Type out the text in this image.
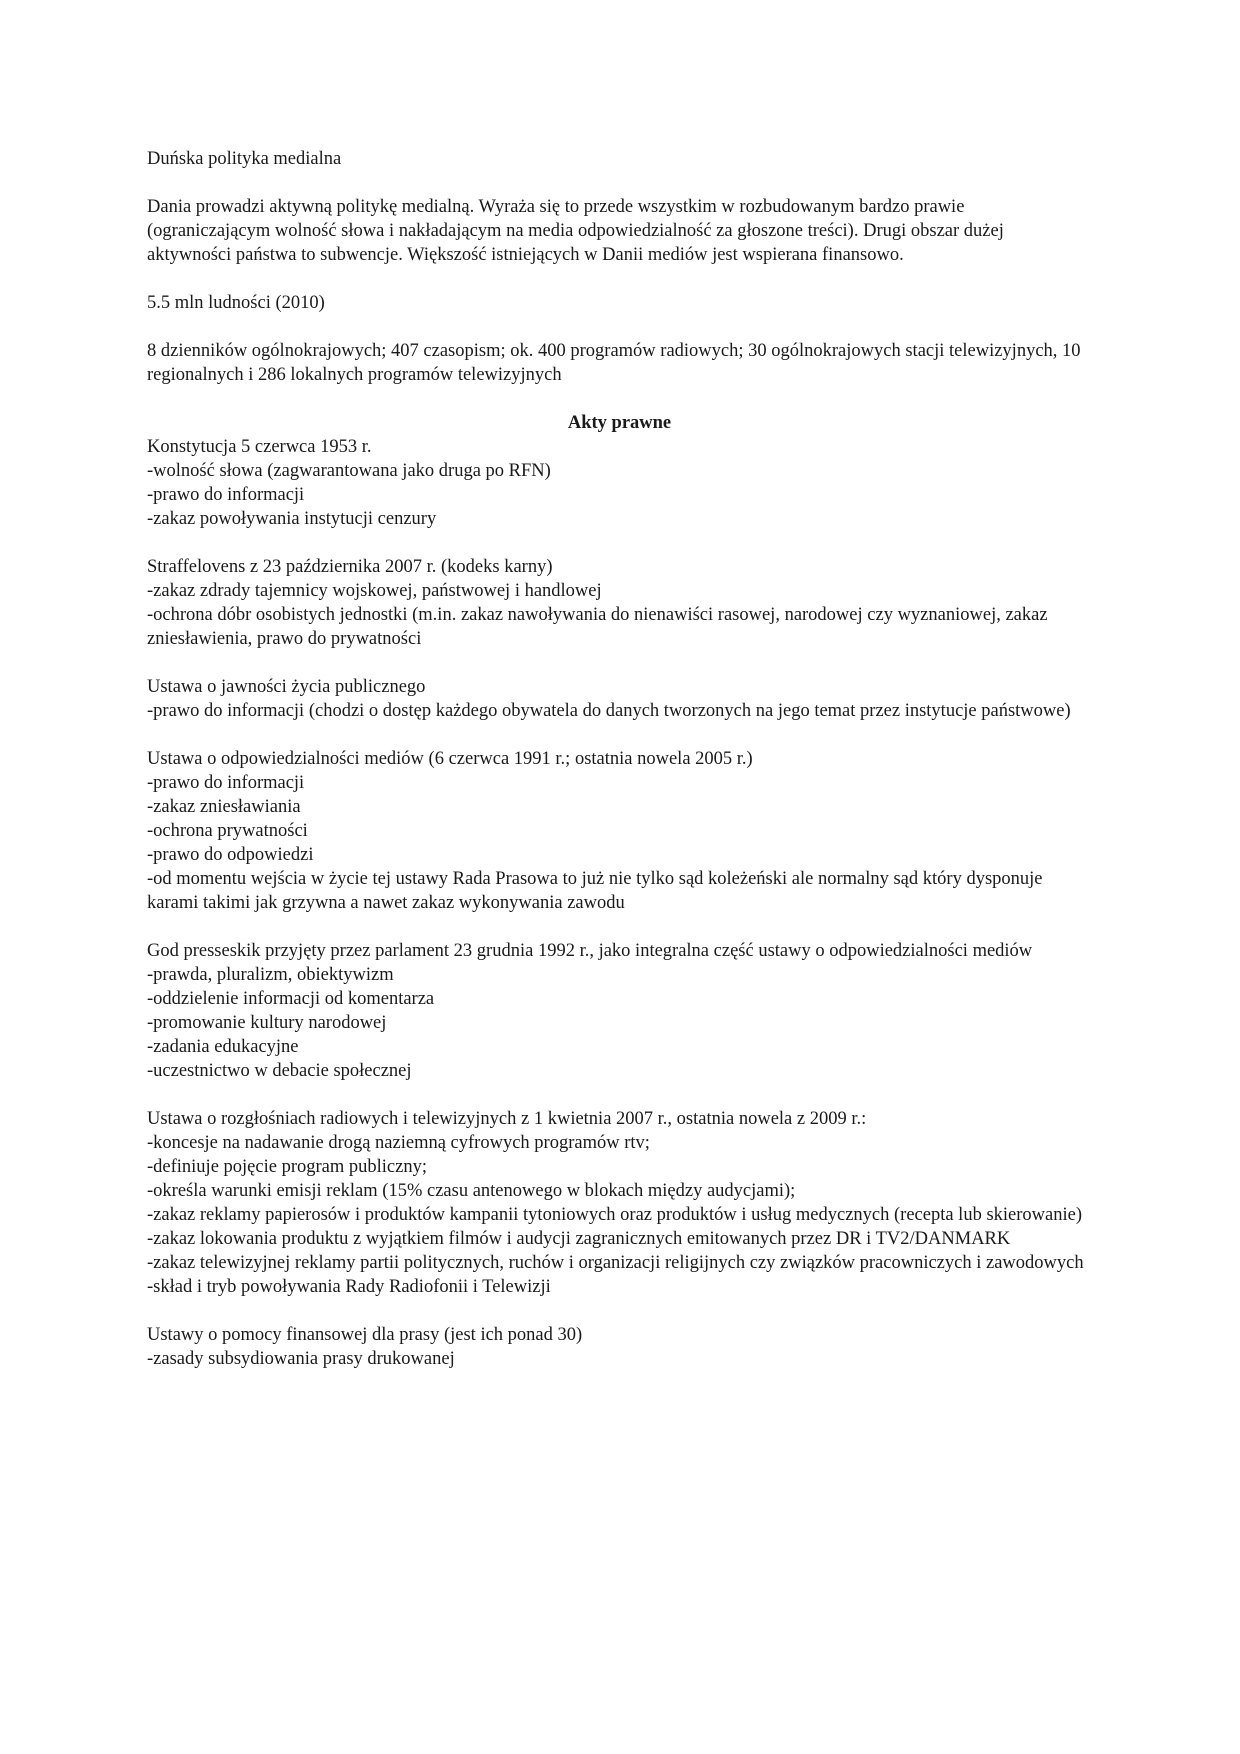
Duńska polityka medialna

Dania prowadzi aktywną politykę medialną. Wyraża się to przede wszystkim w rozbudowanym bardzo prawie (ograniczającym wolność słowa i nakładającym na media odpowiedzialność za głoszone treści). Drugi obszar dużej aktywności państwa to subwencje. Większość istniejących w Danii mediów jest wspierana finansowo.

5.5 mln ludności (2010)

8 dzienników ogólnokrajowych; 407 czasopism; ok. 400 programów radiowych; 30 ogólnokrajowych stacji telewizyjnych, 10 regionalnych i 286 lokalnych programów telewizyjnych

Akty prawne

Konstytucja 5 czerwca 1953 r.

-wolność słowa (zagwarantowana jako druga po RFN)

-prawo do informacji

-zakaz powoływania instytucji cenzury

Straffelovens z 23 października 2007 r. (kodeks karny)

-zakaz zdrady tajemnicy wojskowej, państwowej i handlowej

-ochrona dóbr osobistych jednostki (m.in. zakaz nawoływania do nienawiści rasowej, narodowej czy wyznaniowej, zakaz zniesławienia, prawo do prywatności

Ustawa o jawności życia publicznego

-prawo do informacji (chodzi o dostęp każdego obywatela do danych tworzonych na jego temat przez instytucje państwowe)

Ustawa o odpowiedzialności mediów (6 czerwca 1991 r.; ostatnia nowela 2005 r.)

-prawo do informacji

-zakaz zniesławiania

-ochrona prywatności

-prawo do odpowiedzi

-od momentu wejścia w życie tej ustawy Rada Prasowa to już nie tylko sąd koleżeński ale normalny sąd który dysponuje karami takimi jak grzywna a nawet zakaz wykonywania zawodu

God presseskik przyjęty przez parlament 23 grudnia 1992 r., jako integralna część ustawy o odpowiedzialności mediów

-prawda, pluralizm, obiektywizm

-oddzielenie informacji od komentarza

-promowanie kultury narodowej

-zadania edukacyjne

-uczestnictwo w debacie społecznej

Ustawa o rozgłośniach radiowych i telewizyjnych z 1 kwietnia 2007 r., ostatnia nowela z 2009 r.:

-koncesje na nadawanie drogą naziemną cyfrowych programów rtv;

-definiuje pojęcie program publiczny;

-określa warunki emisji reklam (15% czasu antenowego w blokach między audycjami);

-zakaz reklamy papierosów i produktów kampanii tytoniowych oraz produktów i usług medycznych (recepta lub skierowanie)

-zakaz lokowania produktu z wyjątkiem filmów i audycji zagranicznych emitowanych przez DR i TV2/DANMARK

-zakaz telewizyjnej reklamy partii politycznych, ruchów i organizacji religijnych czy związków pracowniczych i zawodowych

-skład i tryb powoływania Rady Radiofonii i Telewizji

Ustawy o pomocy finansowej dla prasy (jest ich ponad 30)

-zasady subsydiowania prasy drukowanej
